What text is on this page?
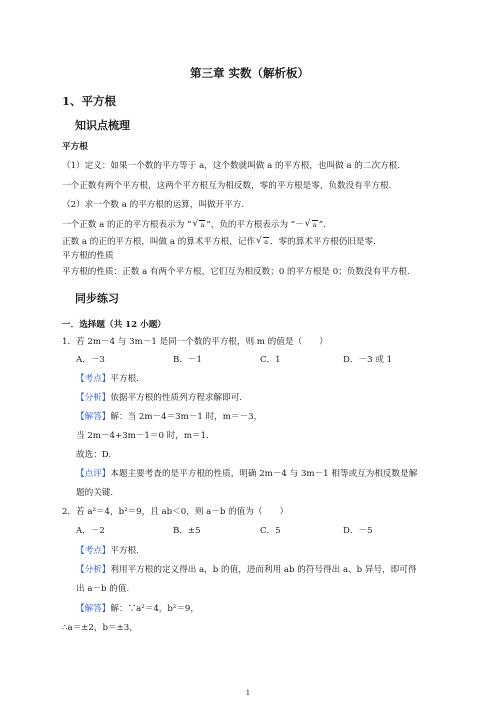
第三章 实数（解析板）
1、平方根
知识点梳理
平方根
（1）定义：如果一个数的平方等于 a，这个数就叫做 a 的平方根，也叫做 a 的二次方根.
一个正数有两个平方根，这两个平方根互为相反数，零的平方根是零，负数没有平方根.
（2）求一个数 a 的平方根的运算，叫做开平方.
一个正数 a 的正的平方根表示为 “ √ a ”，负的平方根表示为 “－ √ a ”.
正数 a 的正的平方根，叫做 a 的算术平方根，记作 √ a ．零的算术平方根仍旧是零.
平方根的性质
平方根的性质：正数 a 有两个平方根，它们互为相反数；0 的平方根是 0；负数没有平方根.
同步练习
一．选择题（共 12 小题）
1．若 2m－4 与 3m－1 是同一个数的平方根，则 m 的值是（　　）
A．－3	B．－1	C．1	D．－3 或 1
【考点】平方根.
【分析】依据平方根的性质列方程求解即可.
【解答】解：当 2m－4＝3m－1 时，m＝－3，
当 2m－4+3m－1＝0 时，m＝1.
故选：D.
【点评】本题主要考查的是平方根的性质，明确 2m－4 与 3m－1 相等或互为相反数是解
题的关键.
2．若 a²＝4，b²＝9，且 ab＜0，则 a－b 的值为（　　）
A．－2	B．±5	C．5	D．－5
【考点】平方根.
【分析】利用平方根的定义得出 a，b 的值，进而利用 ab 的符号得出 a、b 异号，即可得
出 a－b 的值.
【解答】解：∵a²＝4，b²＝9，
∴a＝±2，b＝±3，
1
